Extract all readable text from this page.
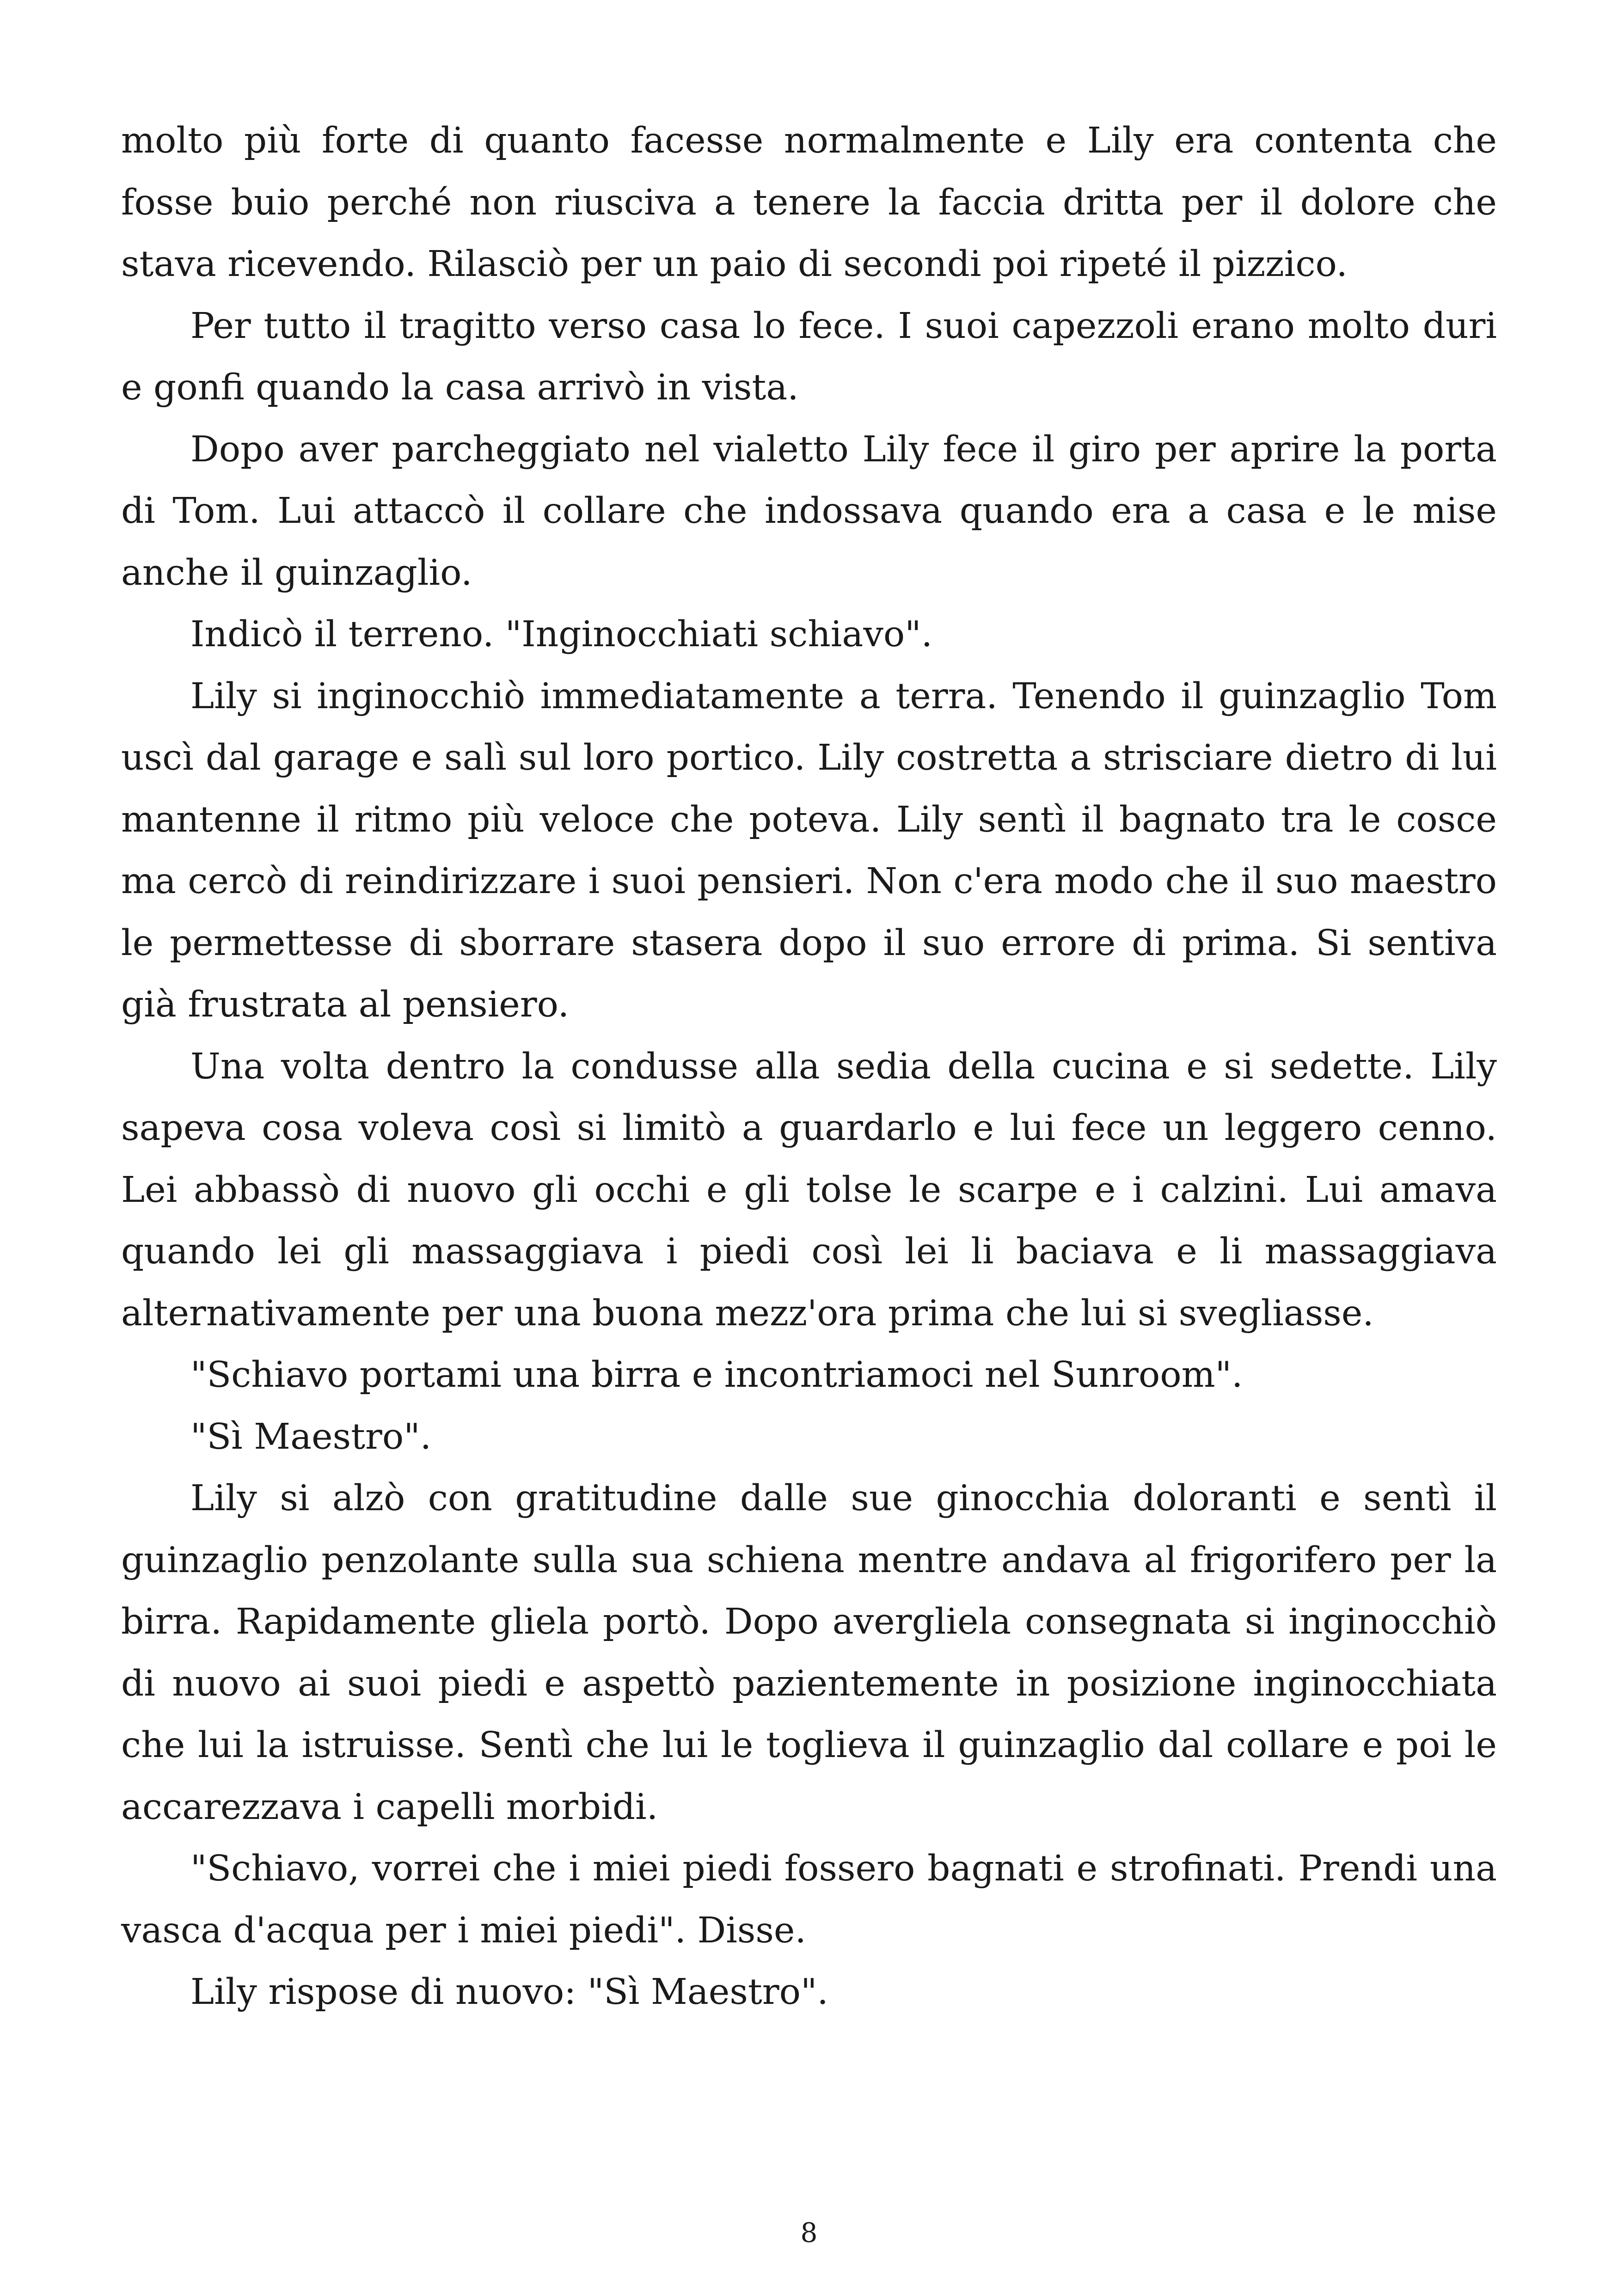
molto più forte di quanto facesse normalmente e Lily era contenta che fosse buio perché non riusciva a tenere la faccia dritta per il dolore che stava ricevendo. Rilasciò per un paio di secondi poi ripeté il pizzico.

Per tutto il tragitto verso casa lo fece. I suoi capezzoli erano molto duri e gonfi quando la casa arrivò in vista.

Dopo aver parcheggiato nel vialetto Lily fece il giro per aprire la porta di Tom. Lui attaccò il collare che indossava quando era a casa e le mise anche il guinzaglio.

Indicò il terreno. "Inginocchiati schiavo".

Lily si inginocchiò immediatamente a terra. Tenendo il guinzaglio Tom uscì dal garage e salì sul loro portico. Lily costretta a strisciare dietro di lui mantenne il ritmo più veloce che poteva. Lily sentì il bagnato tra le cosce ma cercò di reindirizzare i suoi pensieri. Non c'era modo che il suo maestro le permettesse di sborrare stasera dopo il suo errore di prima. Si sentiva già frustrata al pensiero.

Una volta dentro la condusse alla sedia della cucina e si sedette. Lily sapeva cosa voleva così si limitò a guardarlo e lui fece un leggero cenno. Lei abbassò di nuovo gli occhi e gli tolse le scarpe e i calzini. Lui amava quando lei gli massaggiava i piedi così lei li baciava e li massaggiava alternativamente per una buona mezz'ora prima che lui si svegliasse.

"Schiavo portami una birra e incontriamoci nel Sunroom".

"Sì Maestro".

Lily si alzò con gratitudine dalle sue ginocchia doloranti e sentì il guinzaglio penzolante sulla sua schiena mentre andava al frigorifero per la birra. Rapidamente gliela portò. Dopo avergliela consegnata si inginocchiò di nuovo ai suoi piedi e aspettò pazientemente in posizione inginocchiata che lui la istruisse. Sentì che lui le toglieva il guinzaglio dal collare e poi le accarezzava i capelli morbidi.

"Schiavo, vorrei che i miei piedi fossero bagnati e strofinati. Prendi una vasca d'acqua per i miei piedi". Disse.

Lily rispose di nuovo: "Sì Maestro".

8
